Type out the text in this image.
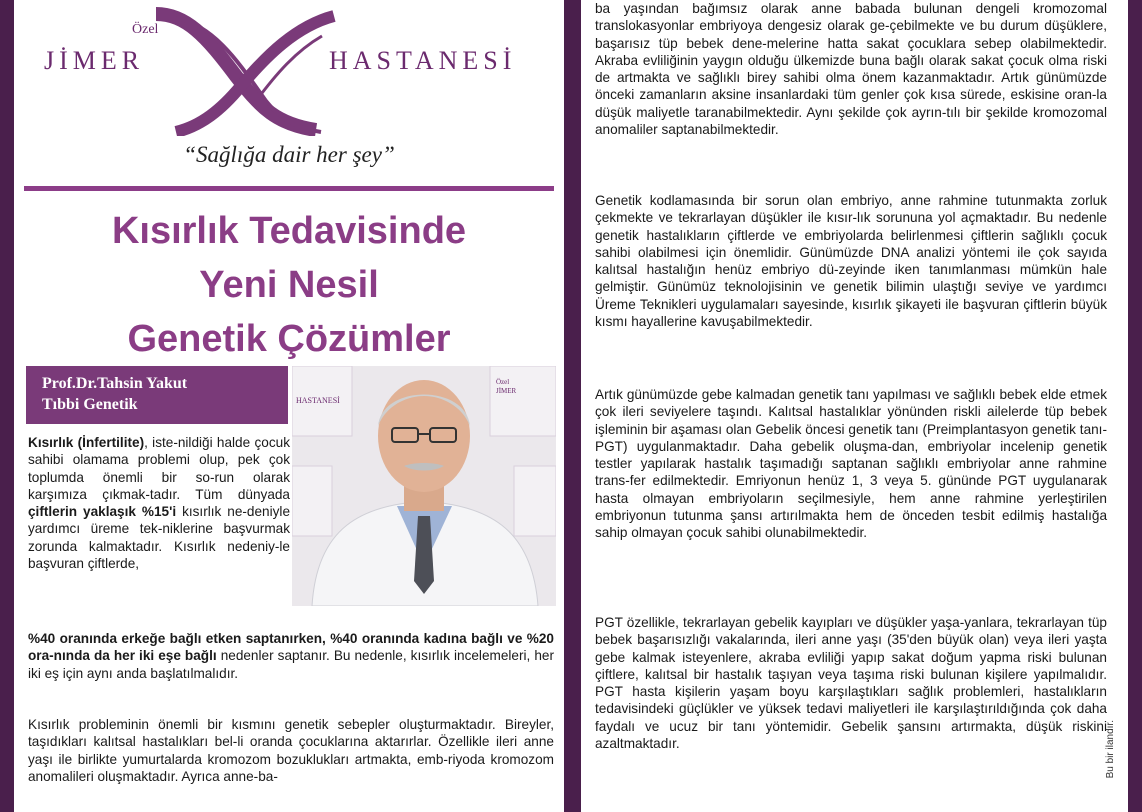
Özel
JİMER	HASTANESİ
“Sağlığa dair her şey”
Kısırlık Tedavisinde
Yeni Nesil
Genetik Çözümler
Prof.Dr.Tahsin Yakut
Tıbbi Genetik
Özel
JİMER
HASTANESİ

Kısırlık (İnfertilite), iste-nildiği halde çocuk sahibi olamama problemi olup, pek çok toplumda önemli bir so-run olarak karşımıza çıkmak-tadır. Tüm dünyada çiftlerin yaklaşık %15'i kısırlık ne-deniyle yardımcı üreme tek-niklerine başvurmak zorunda kalmaktadır. Kısırlık nedeniy-le başvuran çiftlerde,

%40 oranında erkeğe bağlı etken saptanırken, %40 oranında kadına bağlı ve %20 ora-nında da her iki eşe bağlı nedenler saptanır. Bu nedenle, kısırlık incelemeleri, her iki eş için aynı anda başlatılmalıdır.

Kısırlık probleminin önemli bir kısmını genetik sebepler oluşturmaktadır. Bireyler, taşıdıkları kalıtsal hastalıkları bel-li oranda çocuklarına aktarırlar. Özellikle ileri anne yaşı ile birlikte yumurtalarda kromozom bozuklukları artmakta, emb-riyoda kromozom anomalileri oluşmaktadır. Ayrıca anne-ba-

ba yaşından bağımsız olarak anne babada bulunan dengeli kromozomal translokasyonlar embriyoya dengesiz olarak ge-çebilmekte ve bu durum düşüklere, başarısız tüp bebek dene-melerine hatta sakat çocuklara sebep olabilmektedir. Akraba evliliğinin yaygın olduğu ülkemizde buna bağlı olarak sakat çocuk olma riski de artmakta ve sağlıklı birey sahibi olma önem kazanmaktadır. Artık günümüzde önceki zamanların aksine insanlardaki tüm genler çok kısa sürede, eskisine oran-la düşük maliyetle taranabilmektedir. Aynı şekilde çok ayrın-tılı bir şekilde kromozomal anomaliler saptanabilmektedir.

Genetik kodlamasında bir sorun olan embriyo, anne rahmine tutunmakta zorluk çekmekte ve tekrarlayan düşükler ile kısır-lık sorununa yol açmaktadır. Bu nedenle genetik hastalıkların çiftlerde ve embriyolarda belirlenmesi çiftlerin sağlıklı çocuk sahibi olabilmesi için önemlidir. Günümüzde DNA analizi yöntemi ile çok sayıda kalıtsal hastalığın henüz embriyo dü-zeyinde iken tanımlanması mümkün hale gelmiştir. Günümüz teknolojisinin ve genetik bilimin ulaştığı seviye ve yardımcı Üreme Teknikleri uygulamaları sayesinde, kısırlık şikayeti ile başvuran çiftlerin büyük kısmı hayallerine kavuşabilmektedir.

Artık günümüzde gebe kalmadan genetik tanı yapılması ve sağlıklı bebek elde etmek çok ileri seviyelere taşındı. Kalıtsal hastalıklar yönünden riskli ailelerde tüp bebek işleminin bir aşaması olan Gebelik öncesi genetik tanı (Preimplantasyon genetik tanı-PGT) uygulanmaktadır. Daha gebelik oluşma-dan, embriyolar incelenip genetik testler yapılarak hastalık taşımadığı saptanan sağlıklı embriyolar anne rahmine trans-fer edilmektedir. Emriyonun henüz 1, 3 veya 5. gününde PGT uygulanarak hasta olmayan embriyoların seçilmesiyle, hem anne rahmine yerleştirilen embriyonun tutunma şansı artırılmakta hem de önceden tesbit edilmiş hastalığa sahip olmayan çocuk sahibi olunabilmektedir.

PGT özellikle, tekrarlayan gebelik kayıpları ve düşükler yaşa-yanlara, tekrarlayan tüp bebek başarısızlığı vakalarında, ileri anne yaşı (35'den büyük olan) veya ileri yaşta gebe kalmak isteyenlere, akraba evliliği yapıp sakat doğum yapma riski bulunan çiftlere, kalıtsal bir hastalık taşıyan veya taşıma riski bulunan kişilere yapılmalıdır. PGT hasta kişilerin yaşam boyu karşılaştıkları sağlık problemleri, hastalıkların tedavisindeki güçlükler ve yüksek tedavi maliyetleri ile karşılaştırıldığında çok daha faydalı ve ucuz bir tanı yöntemidir. Gebelik şansını artırmakta, düşük riskini azaltmaktadır.	Bu bir ilandır.
